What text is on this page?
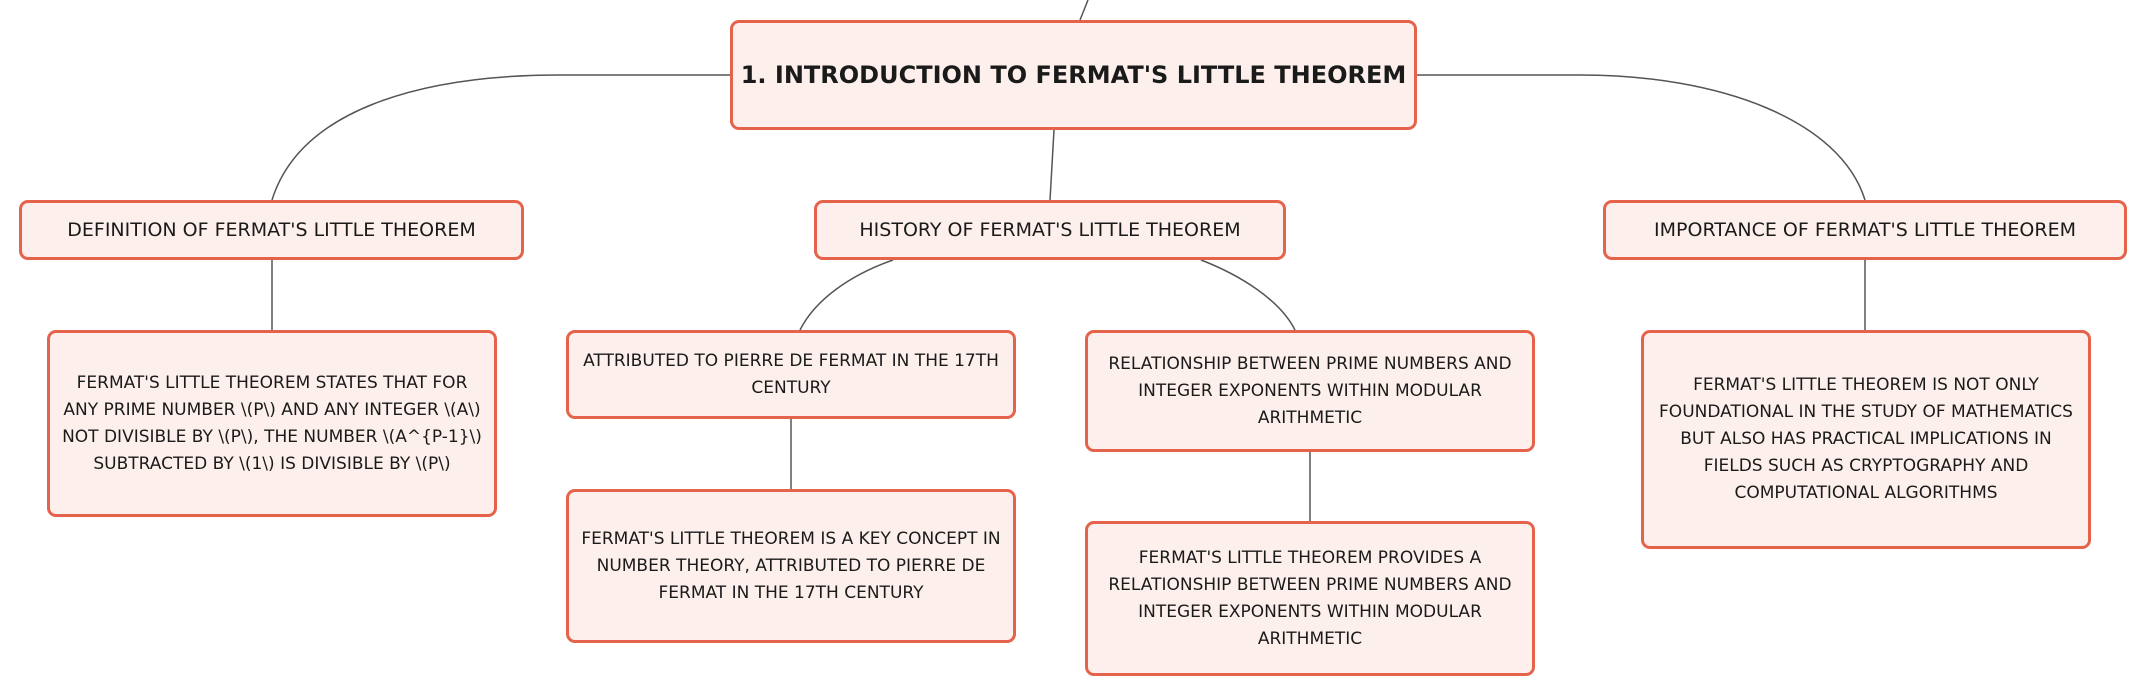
1. INTRODUCTION TO FERMAT'S LITTLE THEOREM
DEFINITION OF FERMAT'S LITTLE THEOREM	HISTORY OF FERMAT'S LITTLE THEOREM	IMPORTANCE OF FERMAT'S LITTLE THEOREM
FERMAT'S LITTLE THEOREM STATES THAT FOR ANY PRIME NUMBER \(P\) AND ANY INTEGER \(A\) NOT DIVISIBLE BY \(P\), THE NUMBER \(A^{P-1}\) SUBTRACTED BY \(1\) IS DIVISIBLE BY \(P\)
ATTRIBUTED TO PIERRE DE FERMAT IN THE 17TH CENTURY
FERMAT'S LITTLE THEOREM IS A KEY CONCEPT IN NUMBER THEORY, ATTRIBUTED TO PIERRE DE FERMAT IN THE 17TH CENTURY
RELATIONSHIP BETWEEN PRIME NUMBERS AND INTEGER EXPONENTS WITHIN MODULAR ARITHMETIC
FERMAT'S LITTLE THEOREM PROVIDES A RELATIONSHIP BETWEEN PRIME NUMBERS AND INTEGER EXPONENTS WITHIN MODULAR ARITHMETIC
FERMAT'S LITTLE THEOREM IS NOT ONLY FOUNDATIONAL IN THE STUDY OF MATHEMATICS BUT ALSO HAS PRACTICAL IMPLICATIONS IN FIELDS SUCH AS CRYPTOGRAPHY AND COMPUTATIONAL ALGORITHMS
